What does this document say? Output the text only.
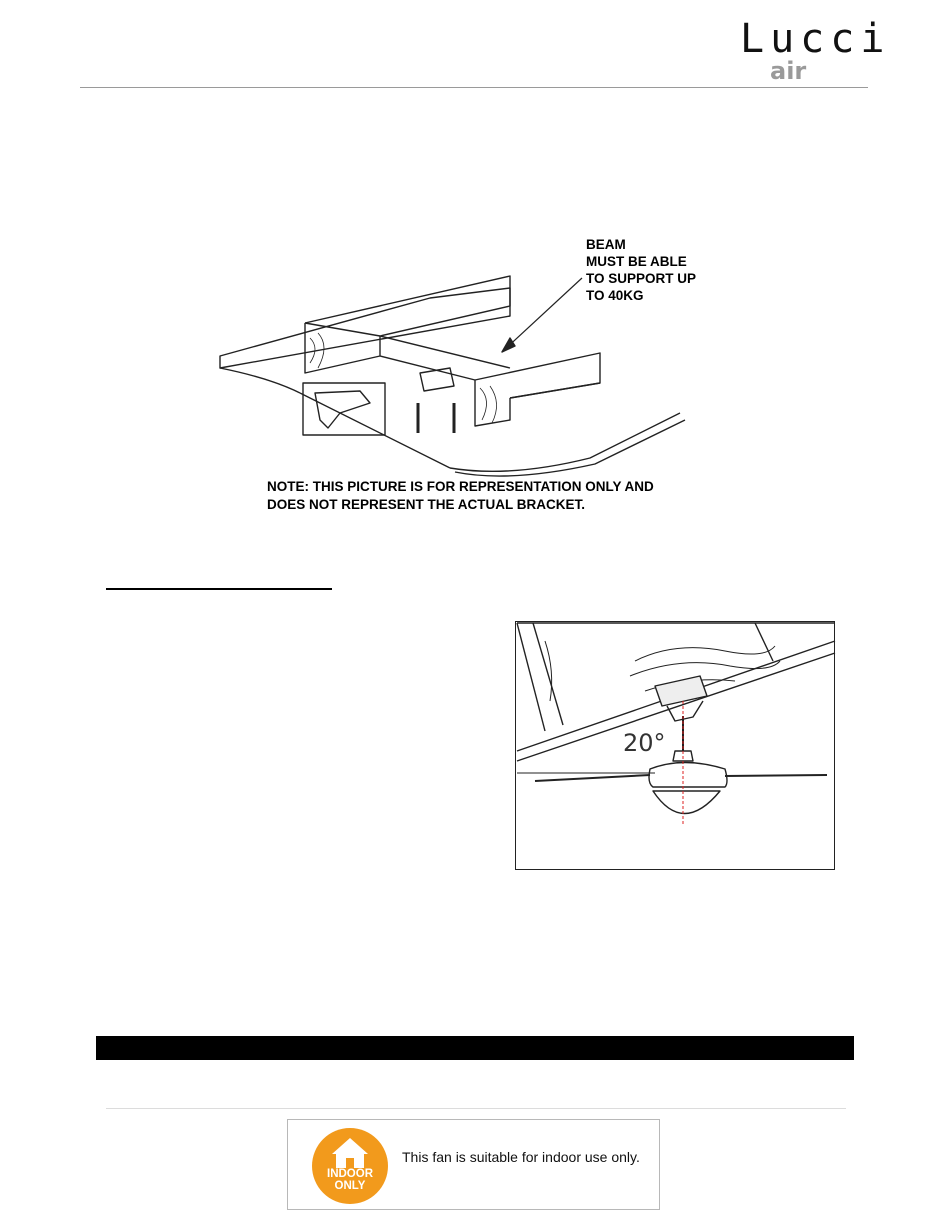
Lucci
air
BEAM
MUST BE ABLE
TO SUPPORT UP
TO 40KG
NOTE: THIS PICTURE IS FOR REPRESENTATION ONLY AND
DOES NOT REPRESENT THE ACTUAL BRACKET.
20°
INDOOR
ONLY
This fan is suitable for indoor use only.
